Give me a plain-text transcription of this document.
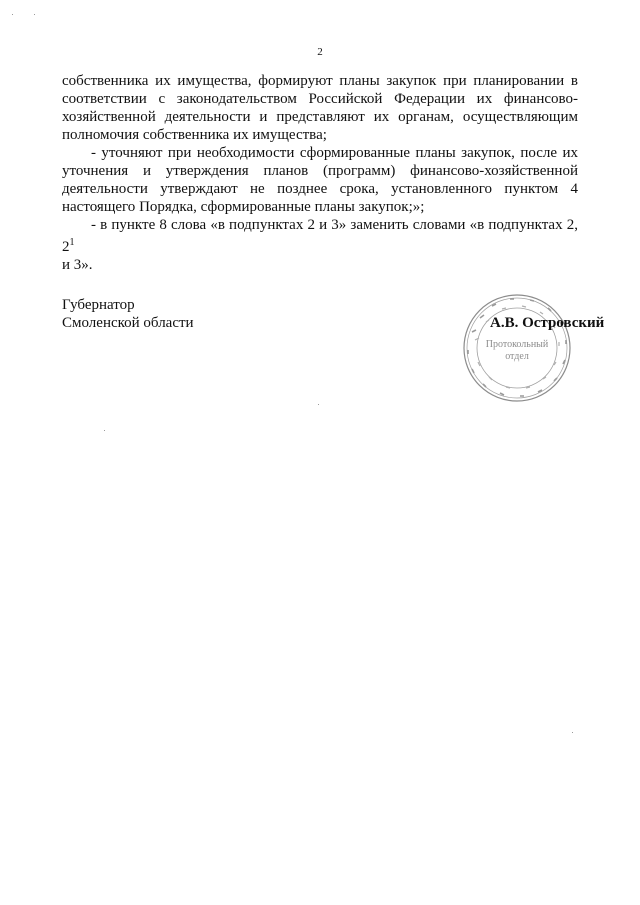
2

собственника их имущества, формируют планы закупок при планировании в соответствии с законодательством Российской Федерации их финансово- хозяйственной деятельности и представляют их органам, осуществляющим полномочия собственника их имущества;

- уточняют при необходимости сформированные планы закупок, после их уточнения и утверждения планов (программ) финансово-хозяйственной деятельности утверждают не позднее срока, установленного пунктом 4 настоящего Порядка, сформированные планы закупок;»;

- в пункте 8 слова «в подпунктах 2 и 3» заменить словами «в подпунктах 2, $2^1$

и 3».

Губернатор
Смоленской области
Протокольный
отдел
А.В. Островский
